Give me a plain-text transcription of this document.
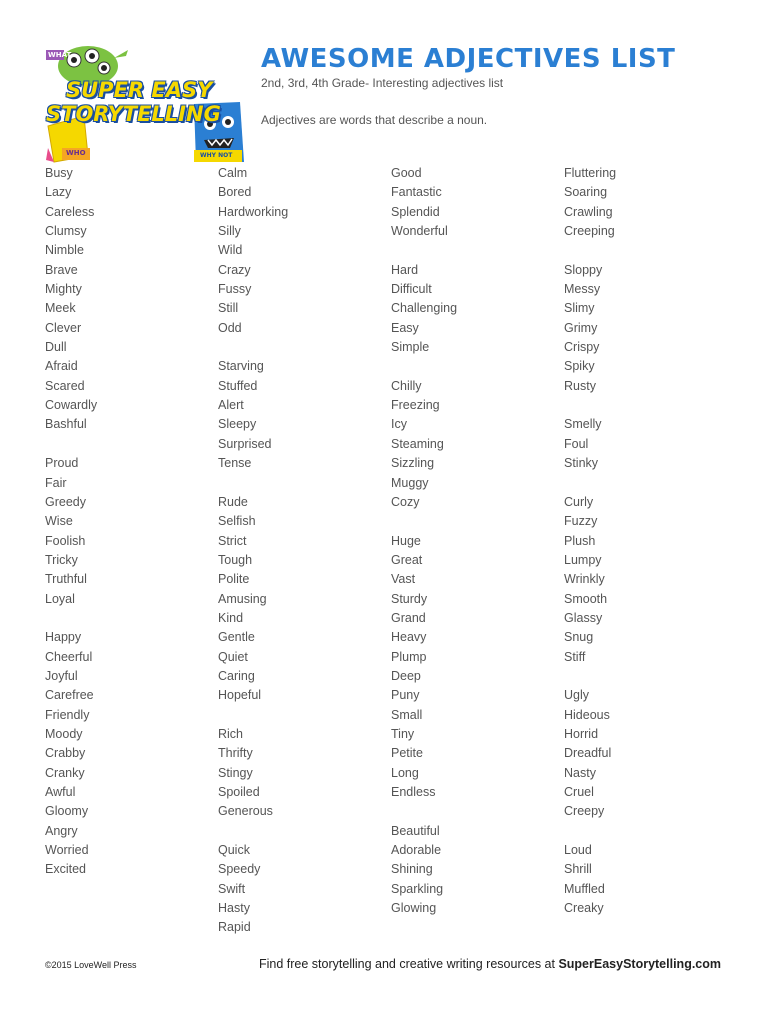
SUPER EASY
STORYTELLING
WHAT
WHO	WHY NOT
AWESOME ADJECTIVES LIST
2nd, 3rd, 4th Grade- Interesting adjectives list
Adjectives are words that describe a noun.
Busy
Lazy
Careless
Clumsy
Nimble
Brave
Mighty
Meek
Clever
Dull
Afraid
Scared
Cowardly
Bashful
Proud
Fair
Greedy
Wise
Foolish
Tricky
Truthful
Loyal
Happy
Cheerful
Joyful
Carefree
Friendly
Moody
Crabby
Cranky
Awful
Gloomy
Angry
Worried
Excited
Calm
Bored
Hardworking
Silly
Wild
Crazy
Fussy
Still
Odd
Starving
Stuffed
Alert
Sleepy
Surprised
Tense
Rude
Selfish
Strict
Tough
Polite
Amusing
Kind
Gentle
Quiet
Caring
Hopeful
Rich
Thrifty
Stingy
Spoiled
Generous
Quick
Speedy
Swift
Hasty
Rapid
Good
Fantastic
Splendid
Wonderful
Hard
Difficult
Challenging
Easy
Simple
Chilly
Freezing
Icy
Steaming
Sizzling
Muggy
Cozy
Huge
Great
Vast
Sturdy
Grand
Heavy
Plump
Deep
Puny
Small
Tiny
Petite
Long
Endless
Beautiful
Adorable
Shining
Sparkling
Glowing
Fluttering
Soaring
Crawling
Creeping
Sloppy
Messy
Slimy
Grimy
Crispy
Spiky
Rusty
Smelly
Foul
Stinky
Curly
Fuzzy
Plush
Lumpy
Wrinkly
Smooth
Glassy
Snug
Stiff
Ugly
Hideous
Horrid
Dreadful
Nasty
Cruel
Creepy
Loud
Shrill
Muffled
Creaky
©2015 LoveWell Press	Find free storytelling and creative writing resources at SuperEasyStorytelling.com
